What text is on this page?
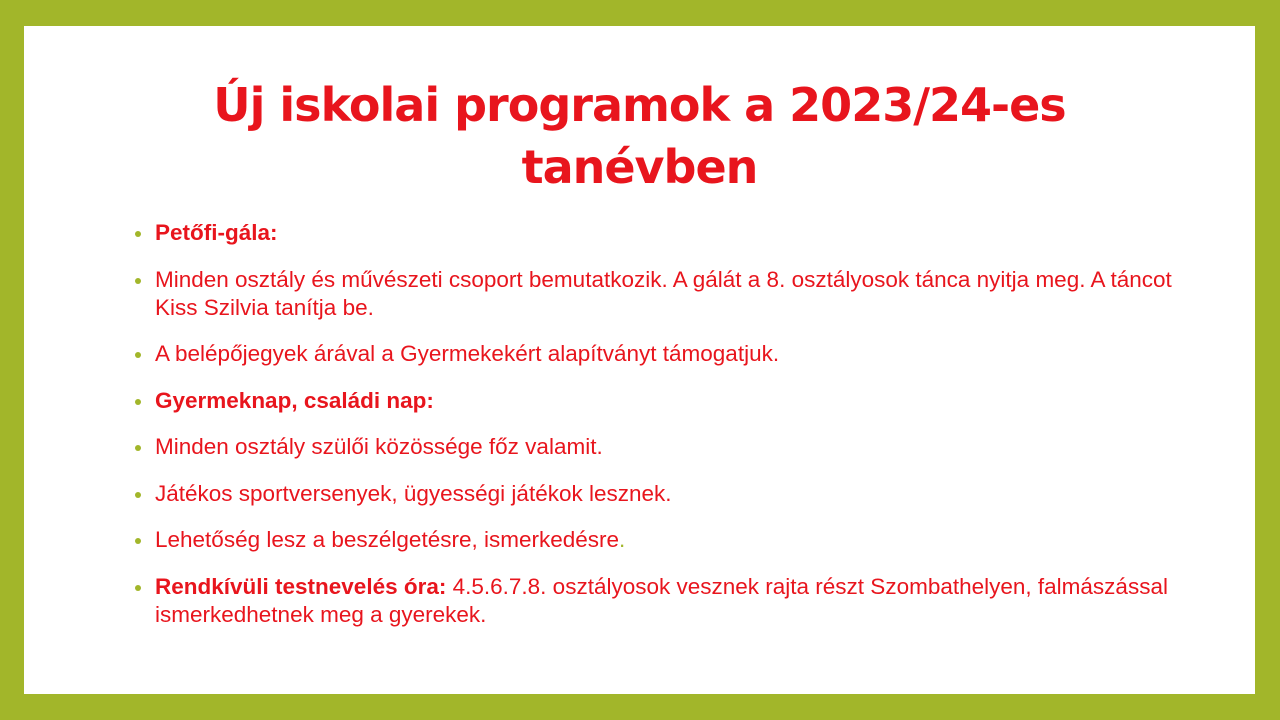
Új iskolai programok a 2023/24-es
tanévben
Petőfi-gála:
Minden osztály és művészeti csoport bemutatkozik. A gálát a 8. osztályosok tánca nyitja meg. A táncot Kiss Szilvia tanítja be.
A belépőjegyek árával a Gyermekekért alapítványt támogatjuk.
Gyermeknap, családi nap:
Minden osztály szülői közössége főz valamit.
Játékos sportversenyek, ügyességi játékok lesznek.
Lehetőség lesz a beszélgetésre, ismerkedésre.
Rendkívüli testnevelés óra: 4.5.6.7.8. osztályosok vesznek rajta részt Szombathelyen, falmászással ismerkedhetnek meg a gyerekek.
